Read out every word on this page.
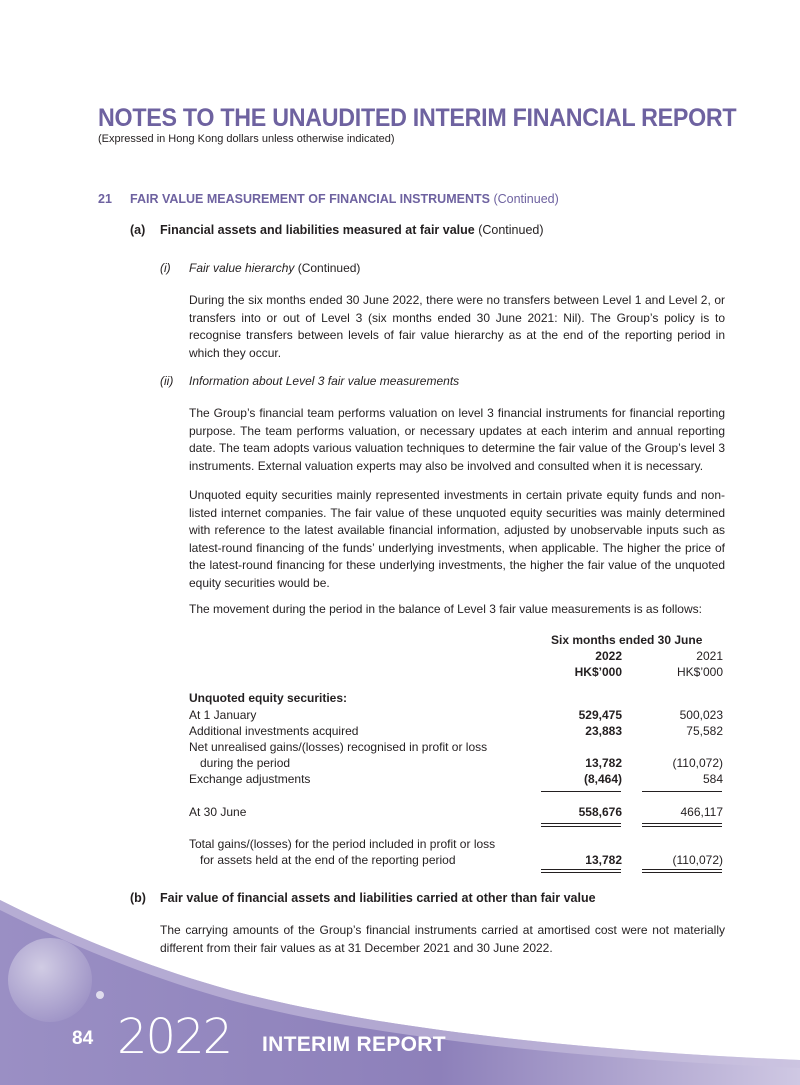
NOTES TO THE UNAUDITED INTERIM FINANCIAL REPORT
(Expressed in Hong Kong dollars unless otherwise indicated)
21 FAIR VALUE MEASUREMENT OF FINANCIAL INSTRUMENTS (Continued)
(a) Financial assets and liabilities measured at fair value (Continued)
(i) Fair value hierarchy (Continued)
During the six months ended 30 June 2022, there were no transfers between Level 1 and Level 2, or transfers into or out of Level 3 (six months ended 30 June 2021: Nil). The Group’s policy is to recognise transfers between levels of fair value hierarchy as at the end of the reporting period in which they occur.
(ii) Information about Level 3 fair value measurements
The Group’s financial team performs valuation on level 3 financial instruments for financial reporting purpose. The team performs valuation, or necessary updates at each interim and annual reporting date. The team adopts various valuation techniques to determine the fair value of the Group’s level 3 instruments. External valuation experts may also be involved and consulted when it is necessary.
Unquoted equity securities mainly represented investments in certain private equity funds and non-listed internet companies. The fair value of these unquoted equity securities was mainly determined with reference to the latest available financial information, adjusted by unobservable inputs such as latest-round financing of the funds’ underlying investments, when applicable. The higher the price of the latest-round financing for these underlying investments, the higher the fair value of the unquoted equity securities would be.
The movement during the period in the balance of Level 3 fair value measurements is as follows:
Six months ended 30 June
2022	2021
HK$’000	HK$’000
Unquoted equity securities:
At 1 January	529,475	500,023
Additional investments acquired	23,883	75,582
Net unrealised gains/(losses) recognised in profit or loss
during the period	13,782	(110,072)
Exchange adjustments	(8,464)	584
At 30 June	558,676	466,117
Total gains/(losses) for the period included in profit or loss
for assets held at the end of the reporting period	13,782	(110,072)
(b) Fair value of financial assets and liabilities carried at other than fair value
The carrying amounts of the Group’s financial instruments carried at amortised cost were not materially different from their fair values as at 31 December 2021 and 30 June 2022.
84 2022 INTERIM REPORT
